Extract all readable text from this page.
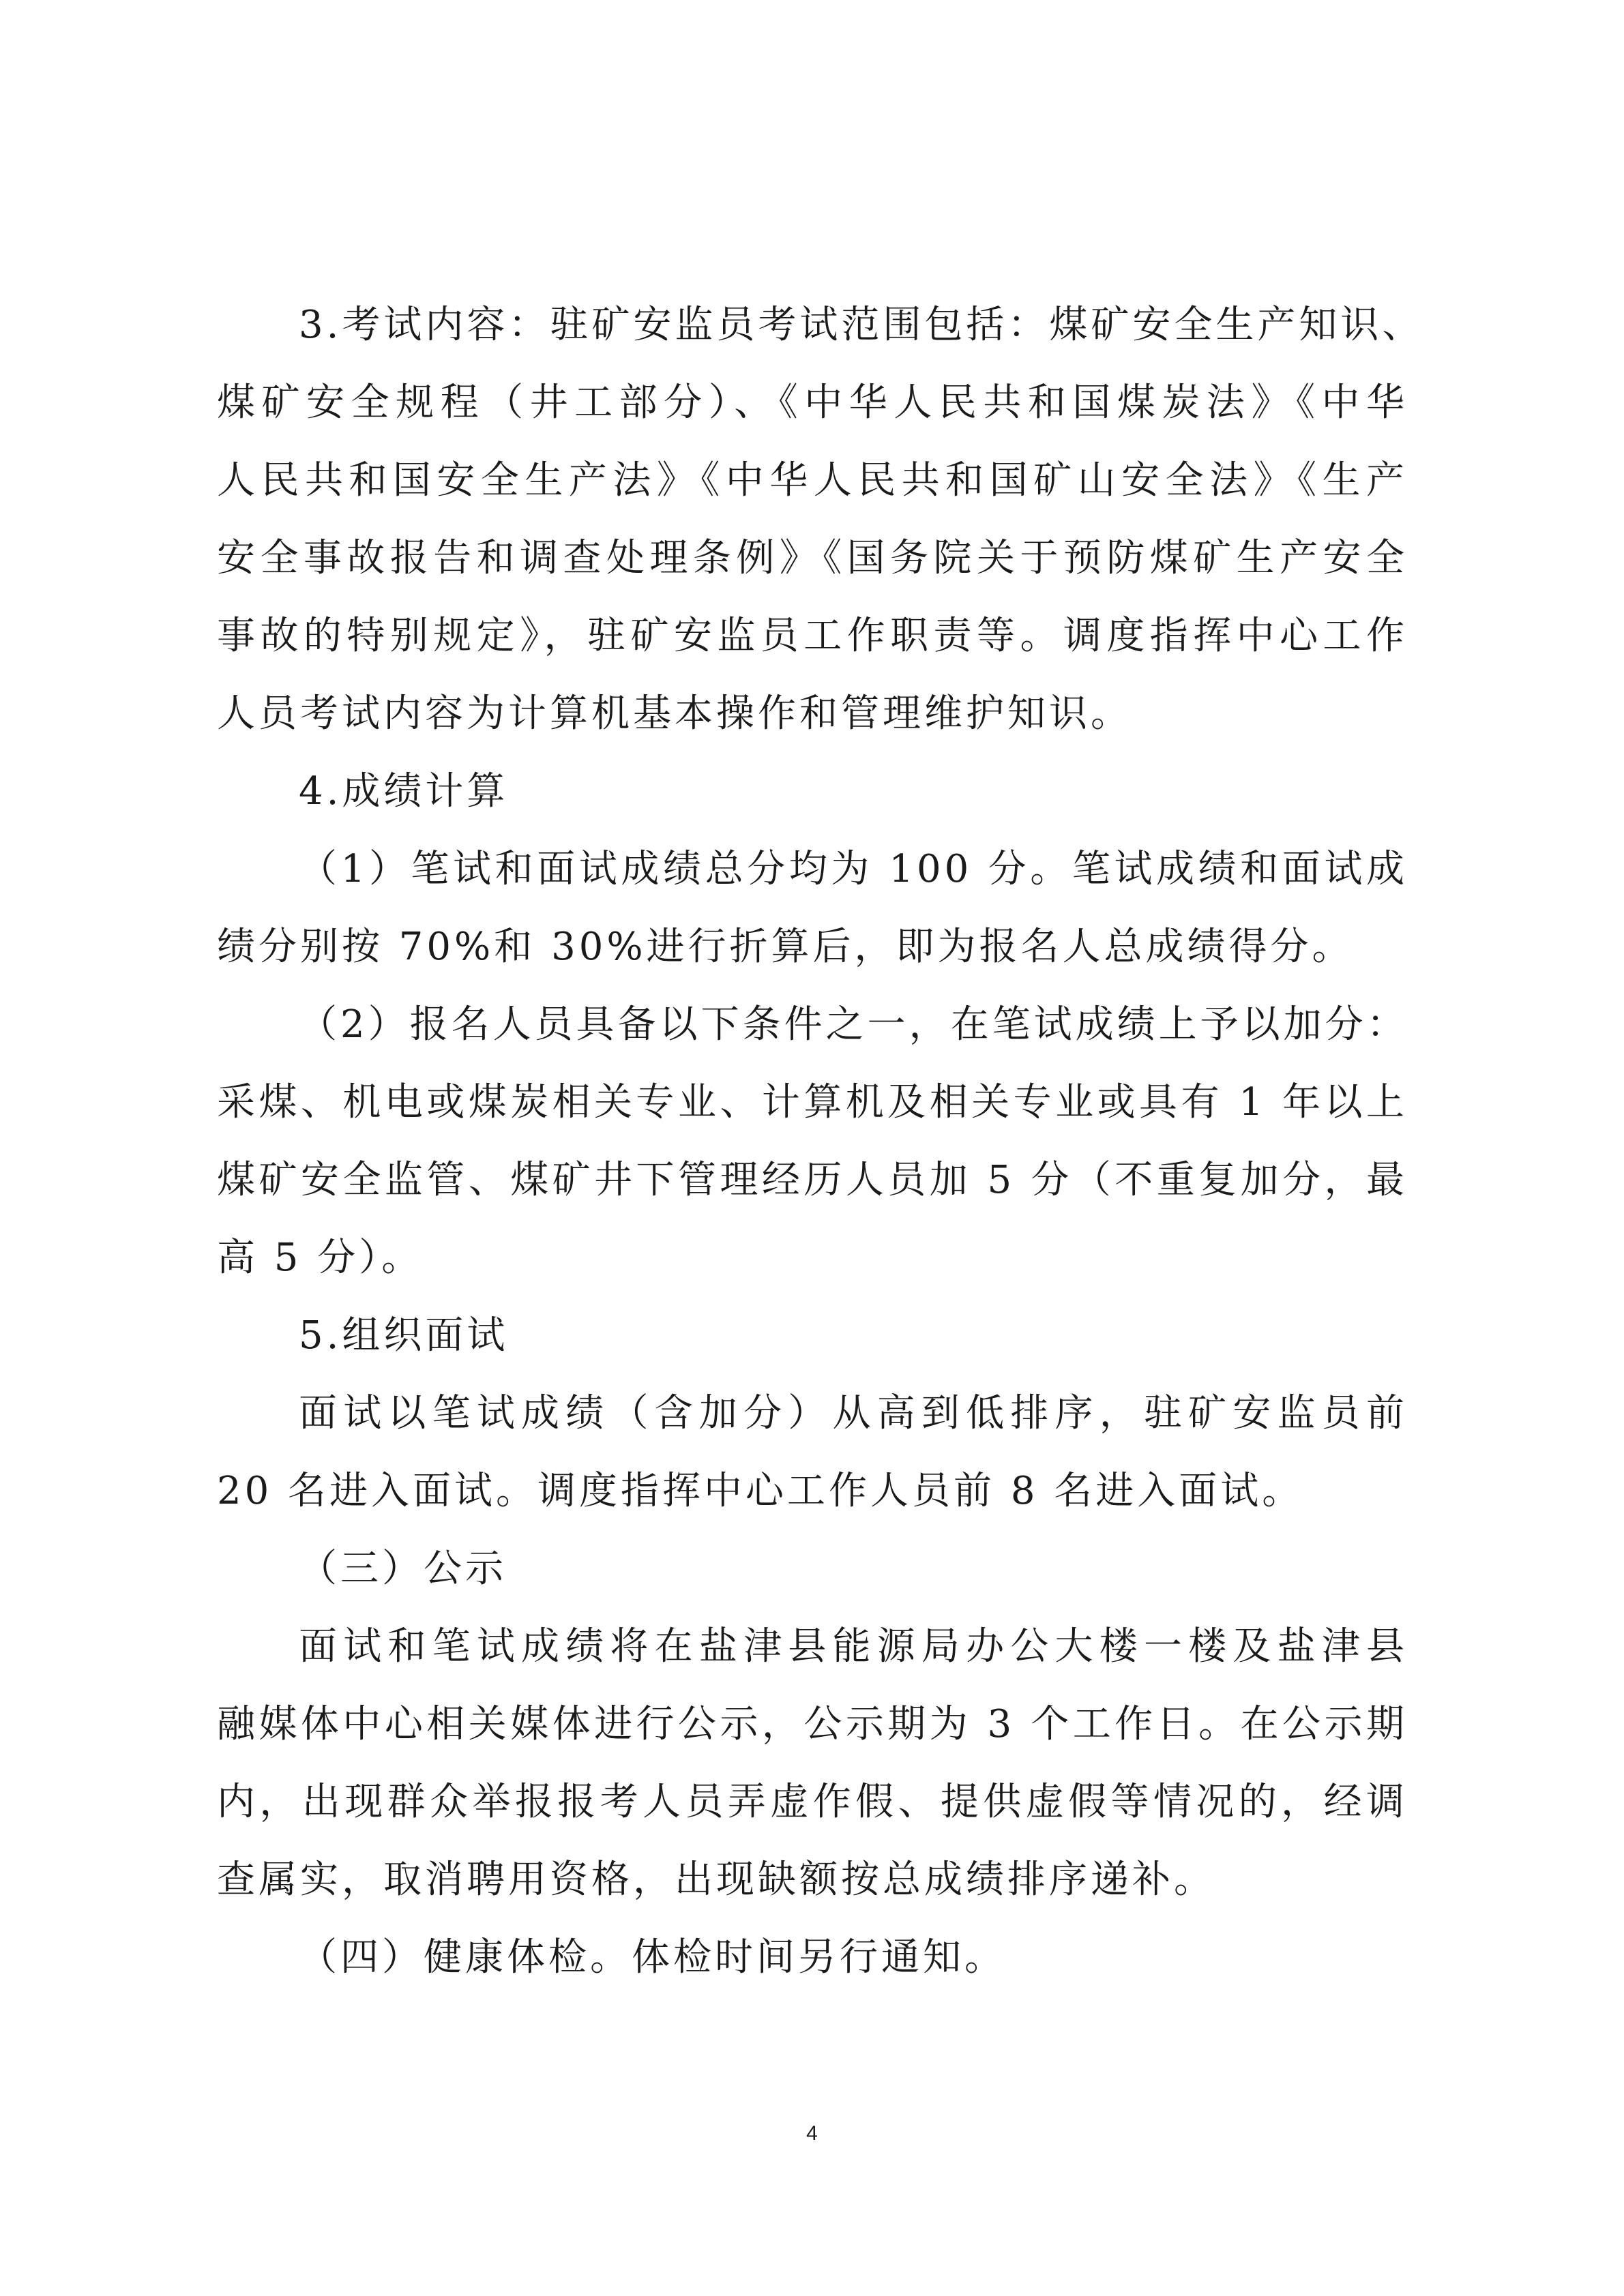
3.考试内容：驻矿安监员考试范围包括：煤矿安全生产知识、
煤矿安全规程（井工部分）、《中华人民共和国煤炭法》《中华
人民共和国安全生产法》《中华人民共和国矿山安全法》《生产
安全事故报告和调查处理条例》《国务院关于预防煤矿生产安全
事故的特别规定》，驻矿安监员工作职责等。调度指挥中心工作
人员考试内容为计算机基本操作和管理维护知识。
4.成绩计算
（1）笔试和面试成绩总分均为 100 分。笔试成绩和面试成
绩分别按 70%和 30%进行折算后，即为报名人总成绩得分。
（2）报名人员具备以下条件之一，在笔试成绩上予以加分：
采煤、机电或煤炭相关专业、计算机及相关专业或具有 1 年以上
煤矿安全监管、煤矿井下管理经历人员加 5 分（不重复加分，最
高 5 分）。
5.组织面试
面试以笔试成绩（含加分）从高到低排序，驻矿安监员前
20 名进入面试。调度指挥中心工作人员前 8 名进入面试。
（三）公示
面试和笔试成绩将在盐津县能源局办公大楼一楼及盐津县
融媒体中心相关媒体进行公示，公示期为 3 个工作日。在公示期
内，出现群众举报报考人员弄虚作假、提供虚假等情况的，经调
查属实，取消聘用资格，出现缺额按总成绩排序递补。
（四）健康体检。体检时间另行通知。
4
